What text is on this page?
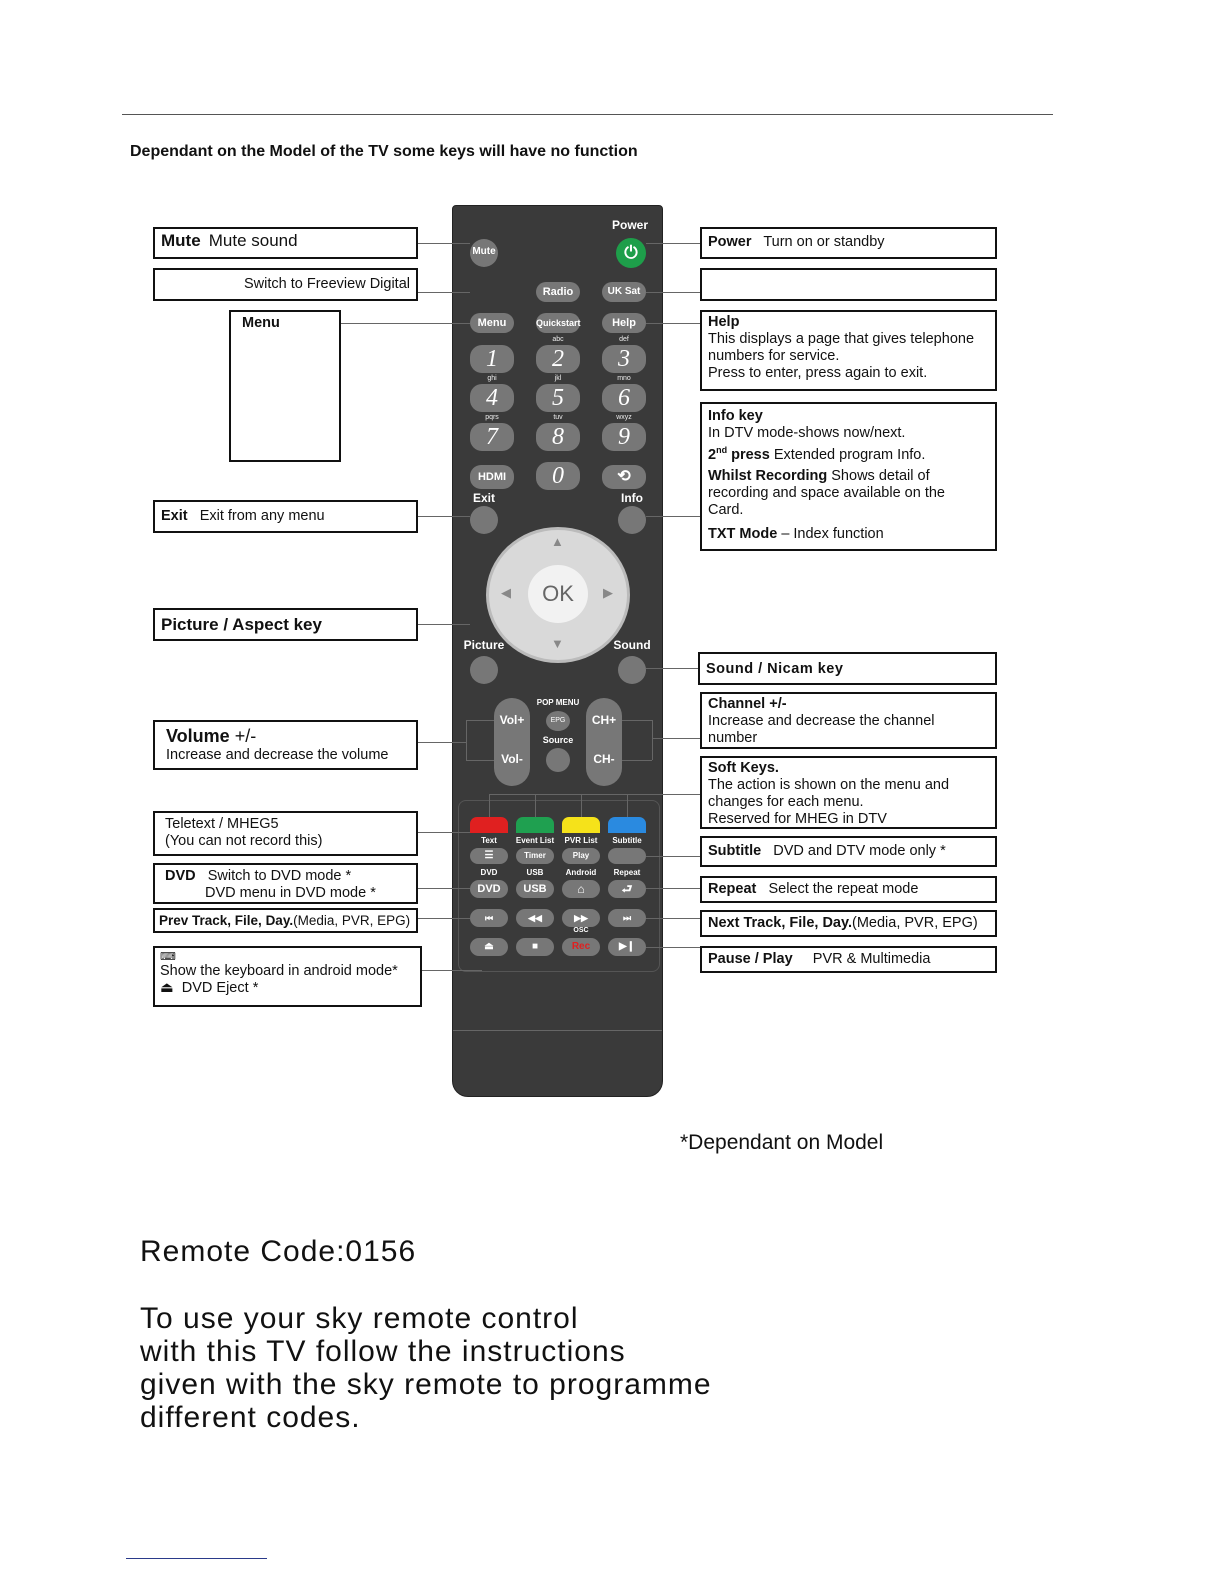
Dependant on the Model of the TV some keys will have no function
Power
⏻
Mute
Radio	UK Sat
Menu	Quickstart	Help
abc	def
1	2	3
ghi	jkl	mno
4	5	6
pqrs	tuv	wxyz
7	8	9
HDMI	0	⟲
Exit	Info
▲
▼
◀	▶
OK
Picture	Sound
POP MENU
Vol+
Vol-
CH+
CH-
EPG
Source
Text	Event List	PVR List	Subtitle
☰	Timer	Play
DVD	USB	Android	Repeat
DVD	USB	⌂	⮐
⏮	◀◀	▶▶	⏭
OSC
⏏	■	Rec	▶❙
Mute Mute sound
Switch to Freeview Digital
Menu
Exit Exit from any menu
Picture / Aspect key
Volume +/-
Increase and decrease the volume
Teletext / MHEG5
(You can not record this)
DVD Switch to DVD mode *
DVD menu in DVD mode *
Prev Track, File, Day.(Media, PVR, EPG)
⌨
Show the keyboard in android mode*
⏏ DVD Eject *
Power Turn on or standby
Help
This displays a page that gives telephone
numbers for service.
Press to enter, press again to exit.
Info key
In DTV mode-shows now/next.
2nd press Extended program Info.
Whilst Recording Shows detail of
recording and space available on the
Card.
TXT Mode – Index function
Sound / Nicam key
Channel +/-
Increase and decrease the channel
number
Soft Keys.
The action is shown on the menu and
changes for each menu.
Reserved for MHEG in DTV
Subtitle DVD and DTV mode only *
Repeat Select the repeat mode
Next Track, File, Day.(Media, PVR, EPG)
Pause / Play PVR & Multimedia
*Dependant on Model
Remote Code:0156
To use your sky remote control
with this TV follow the instructions
given with the sky remote to programme
different codes.
